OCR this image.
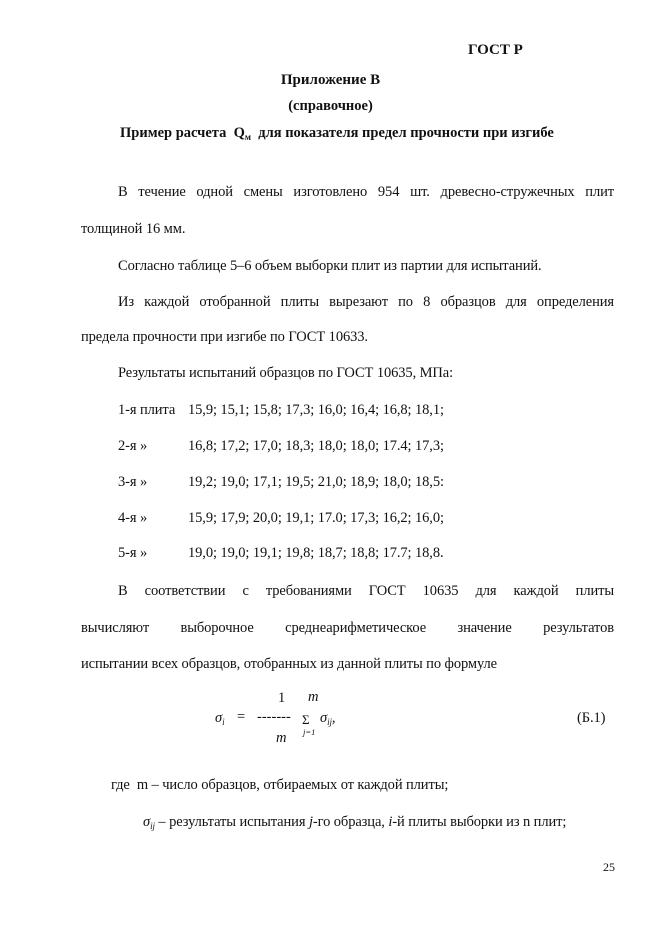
ГОСТ Р
Приложение В
(справочное)
Пример расчета $Q_м$ для показателя предел прочности при изгибе
В течение одной смены изготовлено 954 шт. древесно-стружечных плит
толщиной 16 мм.
Согласно таблице 5–6 объем выборки плит из партии для испытаний.
Из каждой отобранной плиты вырезают по 8 образцов для определения
предела прочности при изгибе по ГОСТ 10633.
Результаты испытаний образцов по ГОСТ 10635, МПа:
1-я плита 15,9; 15,1; 15,8; 17,3; 16,0; 16,4; 16,8; 18,1;
2-я »	16,8; 17,2; 17,0; 18,3; 18,0; 18,0; 17.4; 17,3;
3-я »	19,2; 19,0; 17,1; 19,5; 21,0; 18,9; 18,0; 18,5:
4-я »	15,9; 17,9; 20,0; 19,1; 17.0; 17,3; 16,2; 16,0;
5-я »	19,0; 19,0; 19,1; 19,8; 18,7; 18,8; 17.7; 18,8.
В соответствии с требованиями ГОСТ 10635 для каждой плиты
вычисляют выборочное среднеарифметическое значение результатов
испытании всех образцов, отобранных из данной плиты по формуле
$\sigma_i$ =
1
-------
m
m
Σ
j=1
$\sigma_{ij}$,	(Б.1)
где m – число образцов, отбираемых от каждой плиты;
$\sigma_{ij}$ – результаты испытания j-го образца, i-й плиты выборки из n плит;
25
